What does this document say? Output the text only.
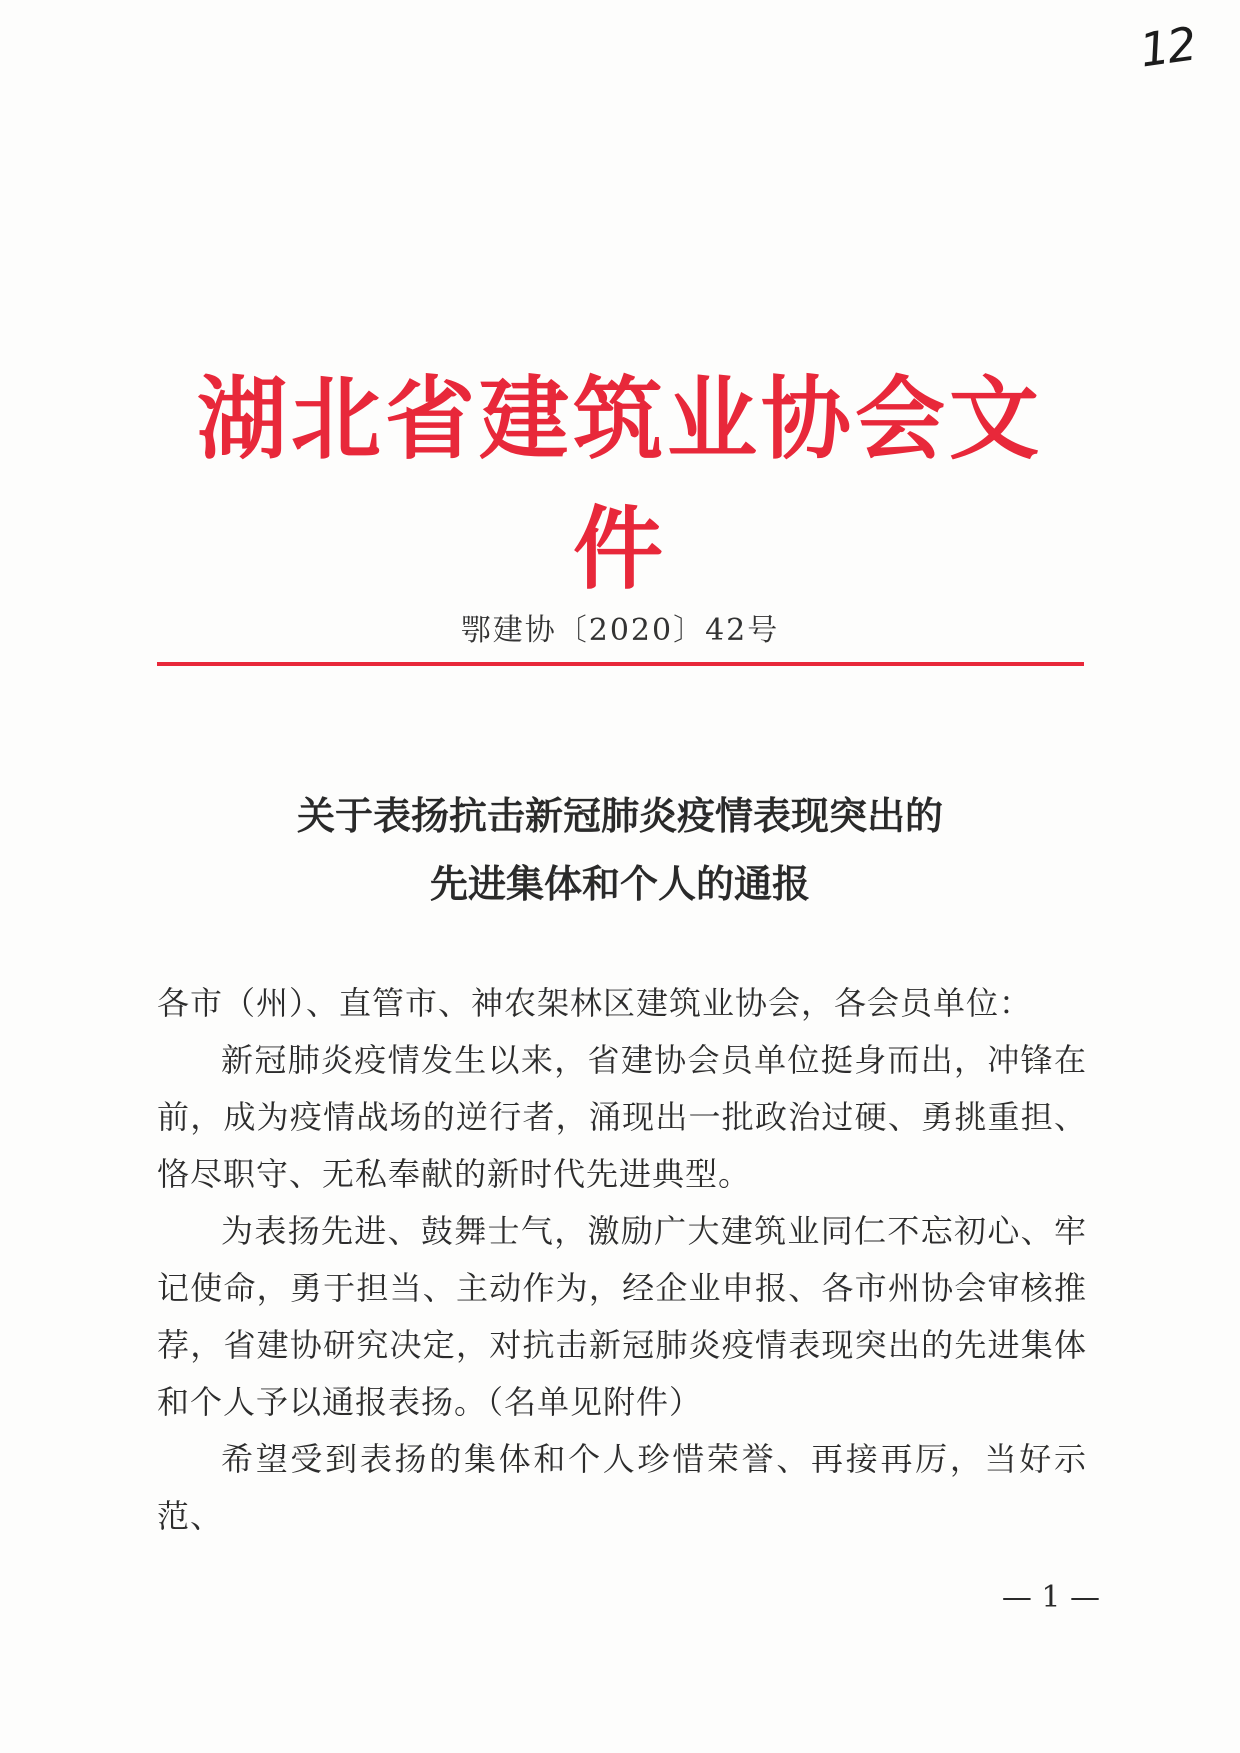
12
湖北省建筑业协会文件
鄂建协〔2020〕42号
关于表扬抗击新冠肺炎疫情表现突出的
先进集体和个人的通报

各市（州）、直管市、神农架林区建筑业协会，各会员单位：

新冠肺炎疫情发生以来，省建协会员单位挺身而出，冲锋在前，成为疫情战场的逆行者，涌现出一批政治过硬、勇挑重担、恪尽职守、无私奉献的新时代先进典型。

为表扬先进、鼓舞士气，激励广大建筑业同仁不忘初心、牢记使命，勇于担当、主动作为，经企业申报、各市州协会审核推荐，省建协研究决定，对抗击新冠肺炎疫情表现突出的先进集体和个人予以通报表扬。（名单见附件）

希望受到表扬的集体和个人珍惜荣誉、再接再厉，当好示范、

— 1 —
